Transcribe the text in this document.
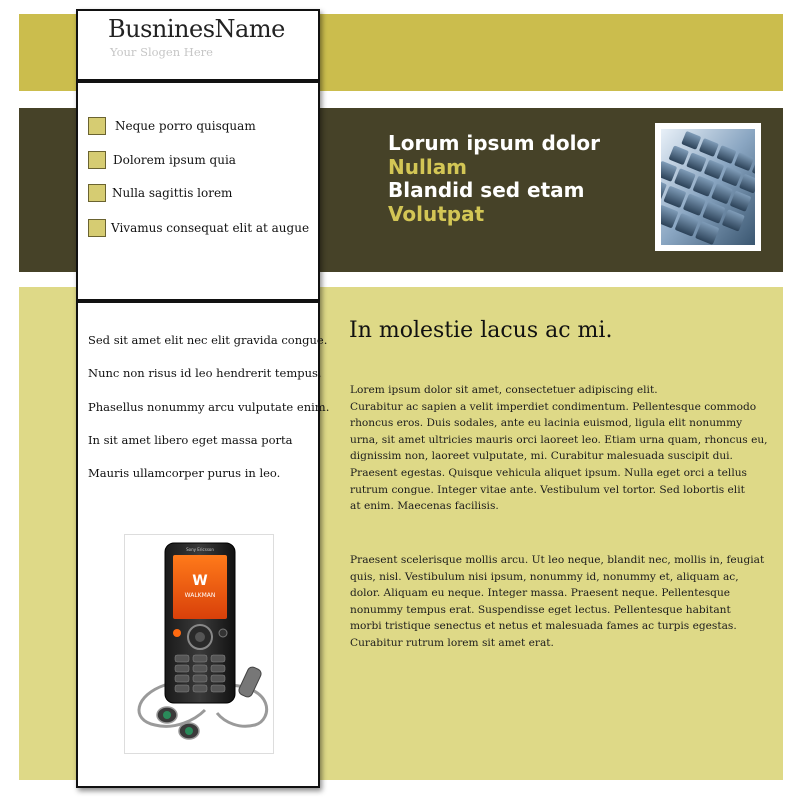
Lorum ipsum dolor
Nullam
Blandid sed etam
Volutpat
In molestie lacus ac mi.
Lorem ipsum dolor sit amet, consectetuer adipiscing elit.
Curabitur ac sapien a velit imperdiet condimentum. Pellentesque commodo
rhoncus eros. Duis sodales, ante eu lacinia euismod, ligula elit nonummy
urna, sit amet ultricies mauris orci laoreet leo. Etiam urna quam, rhoncus eu,
dignissim non, laoreet vulputate, mi. Curabitur malesuada suscipit dui.
Praesent egestas. Quisque vehicula aliquet ipsum. Nulla eget orci a tellus
rutrum congue. Integer vitae ante. Vestibulum vel tortor. Sed lobortis elit
at enim. Maecenas facilisis.
Praesent scelerisque mollis arcu. Ut leo neque, blandit nec, mollis in, feugiat
quis, nisl. Vestibulum nisi ipsum, nonummy id, nonummy et, aliquam ac,
dolor. Aliquam eu neque. Integer massa. Praesent neque. Pellentesque
nonummy tempus erat. Suspendisse eget lectus. Pellentesque habitant
morbi tristique senectus et netus et malesuada fames ac turpis egestas.
Curabitur rutrum lorem sit amet erat.
BusninesName
Your Slogen Here
Neque porro quisquam
Dolorem ipsum quia
Nulla sagittis lorem
Vivamus consequat elit at augue
Sed sit amet elit nec elit gravida congue.
Nunc non risus id leo hendrerit tempus.
Phasellus nonummy arcu vulputate enim.
In sit amet libero eget massa porta
Mauris ullamcorper purus in leo.
Sony Ericsson
W
WALKMAN
